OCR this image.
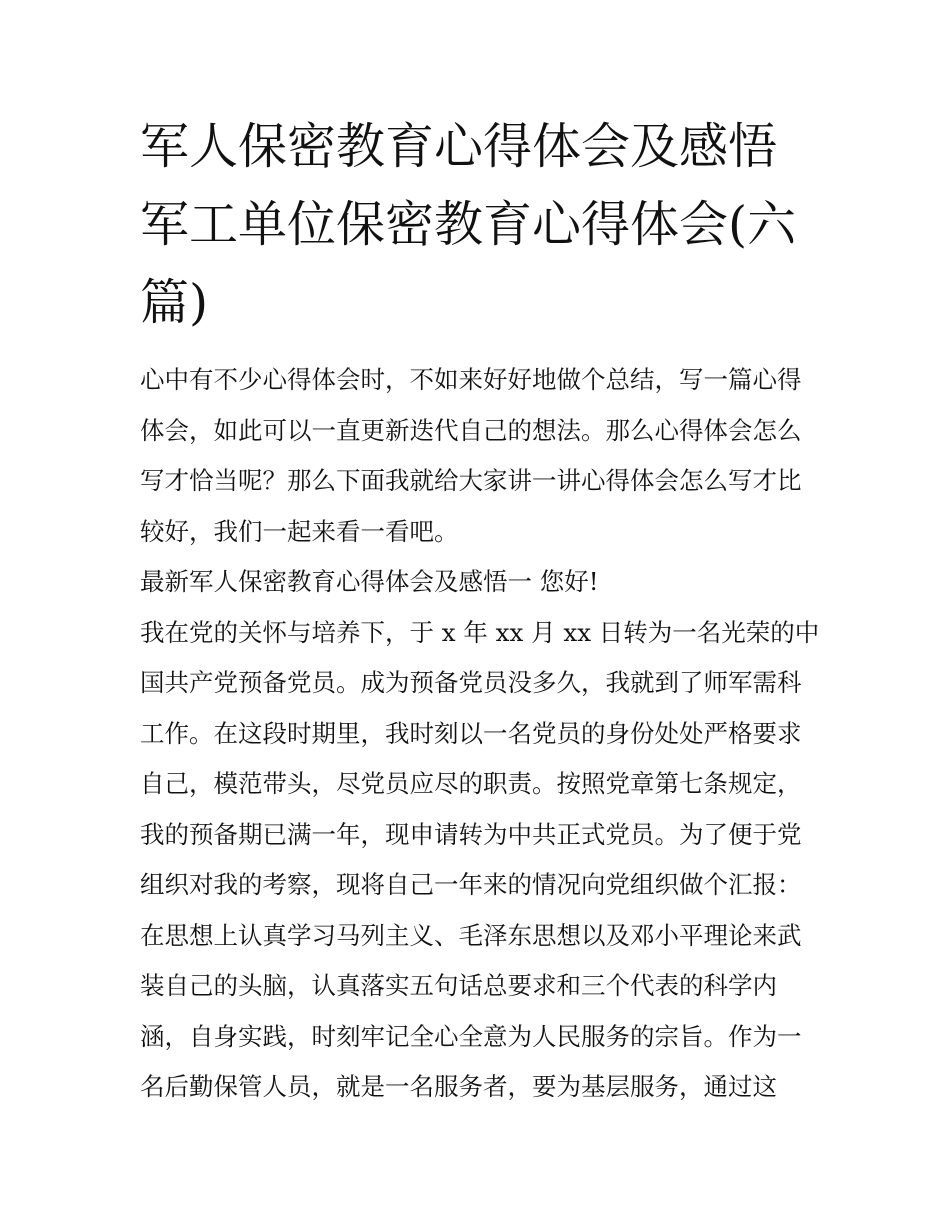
军人保密教育心得体会及感悟
军工单位保密教育心得体会(六
篇)
心中有不少心得体会时，不如来好好地做个总结，写一篇心得
体会，如此可以一直更新迭代自己的想法。那么心得体会怎么
写才恰当呢？那么下面我就给大家讲一讲心得体会怎么写才比
较好，我们一起来看一看吧。
最新军人保密教育心得体会及感悟一 您好!
我在党的关怀与培养下，于 x 年 xx 月 xx 日转为一名光荣的中
国共产党预备党员。成为预备党员没多久，我就到了师军需科
工作。在这段时期里，我时刻以一名党员的身份处处严格要求
自己，模范带头，尽党员应尽的职责。按照党章第七条规定，
我的预备期已满一年，现申请转为中共正式党员。为了便于党
组织对我的考察，现将自己一年来的情况向党组织做个汇报：
在思想上认真学习马列主义、毛泽东思想以及邓小平理论来武
装自己的头脑，认真落实五句话总要求和三个代表的科学内
涵，自身实践，时刻牢记全心全意为人民服务的宗旨。作为一
名后勤保管人员，就是一名服务者，要为基层服务，通过这
